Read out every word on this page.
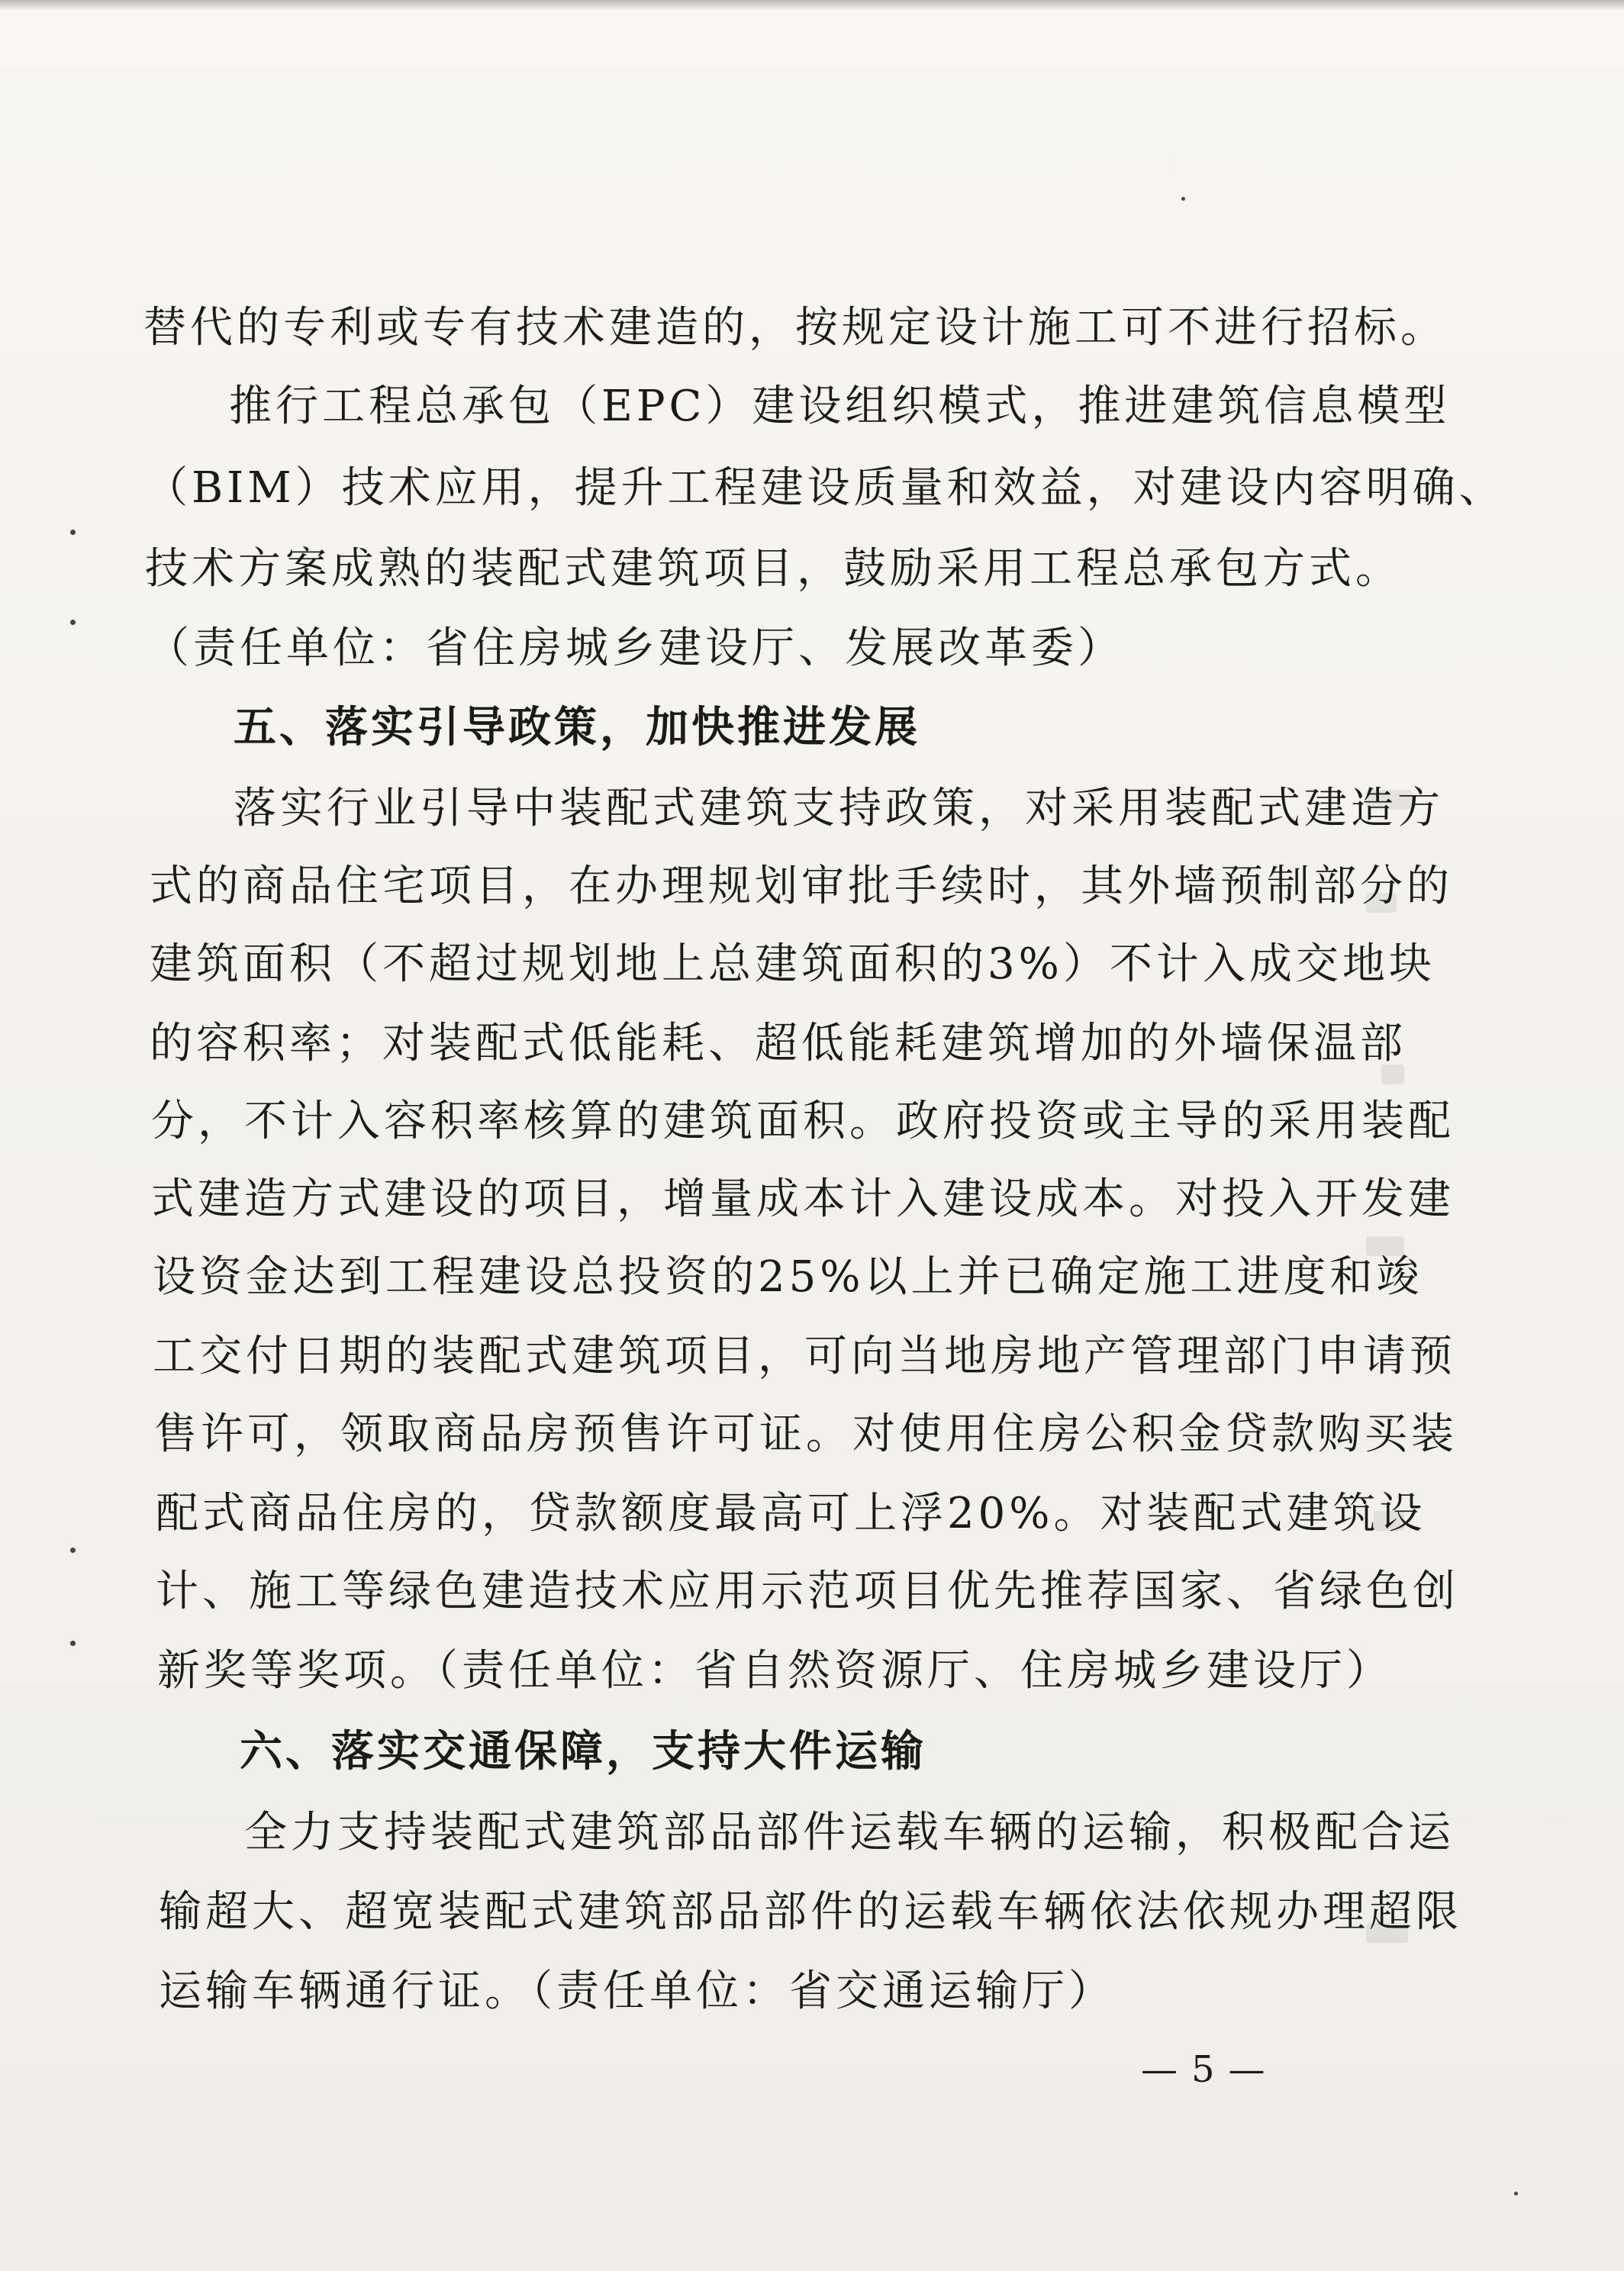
替代的专利或专有技术建造的，按规定设计施工可不进行招标。
推行工程总承包（EPC）建设组织模式，推进建筑信息模型
（BIM）技术应用，提升工程建设质量和效益，对建设内容明确、
技术方案成熟的装配式建筑项目，鼓励采用工程总承包方式。
（责任单位：省住房城乡建设厅、发展改革委）
五、落实引导政策，加快推进发展
落实行业引导中装配式建筑支持政策，对采用装配式建造方
式的商品住宅项目，在办理规划审批手续时，其外墙预制部分的
建筑面积（不超过规划地上总建筑面积的3%）不计入成交地块
的容积率；对装配式低能耗、超低能耗建筑增加的外墙保温部
分，不计入容积率核算的建筑面积。政府投资或主导的采用装配
式建造方式建设的项目，增量成本计入建设成本。对投入开发建
设资金达到工程建设总投资的25%以上并已确定施工进度和竣
工交付日期的装配式建筑项目，可向当地房地产管理部门申请预
售许可，领取商品房预售许可证。对使用住房公积金贷款购买装
配式商品住房的，贷款额度最高可上浮20%。对装配式建筑设
计、施工等绿色建造技术应用示范项目优先推荐国家、省绿色创
新奖等奖项。（责任单位：省自然资源厅、住房城乡建设厅）
六、落实交通保障，支持大件运输
全力支持装配式建筑部品部件运载车辆的运输，积极配合运
输超大、超宽装配式建筑部品部件的运载车辆依法依规办理超限
运输车辆通行证。（责任单位：省交通运输厅）
— 5 —
